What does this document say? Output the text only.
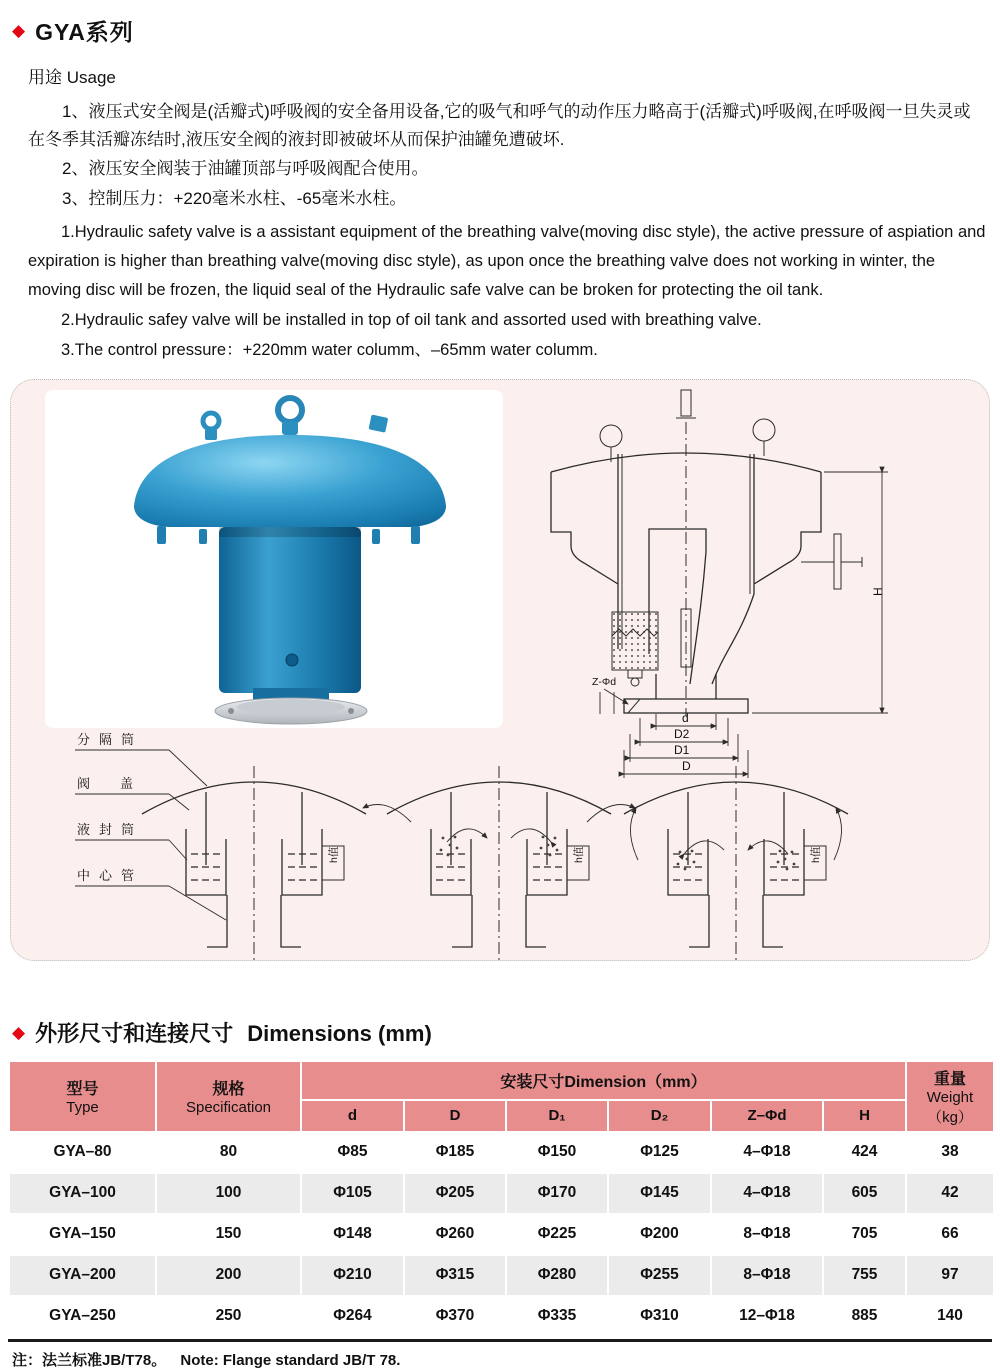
◆ GYA系列
用途 Usage

1、液压式安全阀是(活瓣式)呼吸阀的安全备用设备,它的吸气和呼气的动作压力略高于(活瓣式)呼吸阀,在呼吸阀一旦失灵或在冬季其活瓣冻结时,液压安全阀的液封即被破坏从而保护油罐免遭破坏.

2、液压安全阀装于油罐顶部与呼吸阀配合使用。

3、控制压力：+220毫米水柱、-65毫米水柱。

1.Hydraulic safety valve is a assistant equipment of the breathing valve(moving disc style), the active pressure of aspiation and expiration is higher than breathing valve(moving disc style), as upon once the breathing valve does not working in winter, the moving disc will be frozen, the liquid seal of the Hydraulic safe valve can be broken for protecting the oil tank.

2.Hydraulic safey valve will be installed in top of oil tank and assorted used with breathing valve.

3.The control pressure：+220mm water columm、–65mm water columm.

Z-Φd
d
D2
D1
D
H
h值	h值	h值
分隔筒
阀盖
液封筒
中心管
◆ 外形尺寸和连接尺寸 Dimensions (mm)
型号
Type	规格
Specification	安装尺寸Dimension（mm）						重量
Weight
（kg）

		d	D	D₁	D₂	Z–Φd	H	
GYA–80	80	Φ85	Φ185	Φ150	Φ125	4–Φ18	424	38
GYA–100	100	Φ105	Φ205	Φ170	Φ145	4–Φ18	605	42
GYA–150	150	Φ148	Φ260	Φ225	Φ200	8–Φ18	705	66
GYA–200	200	Φ210	Φ315	Φ280	Φ255	8–Φ18	755	97
GYA–250	250	Φ264	Φ370	Φ335	Φ310	12–Φ18	885	140
注：法兰标准JB/T78。 Note: Flange standard JB/T 78.
